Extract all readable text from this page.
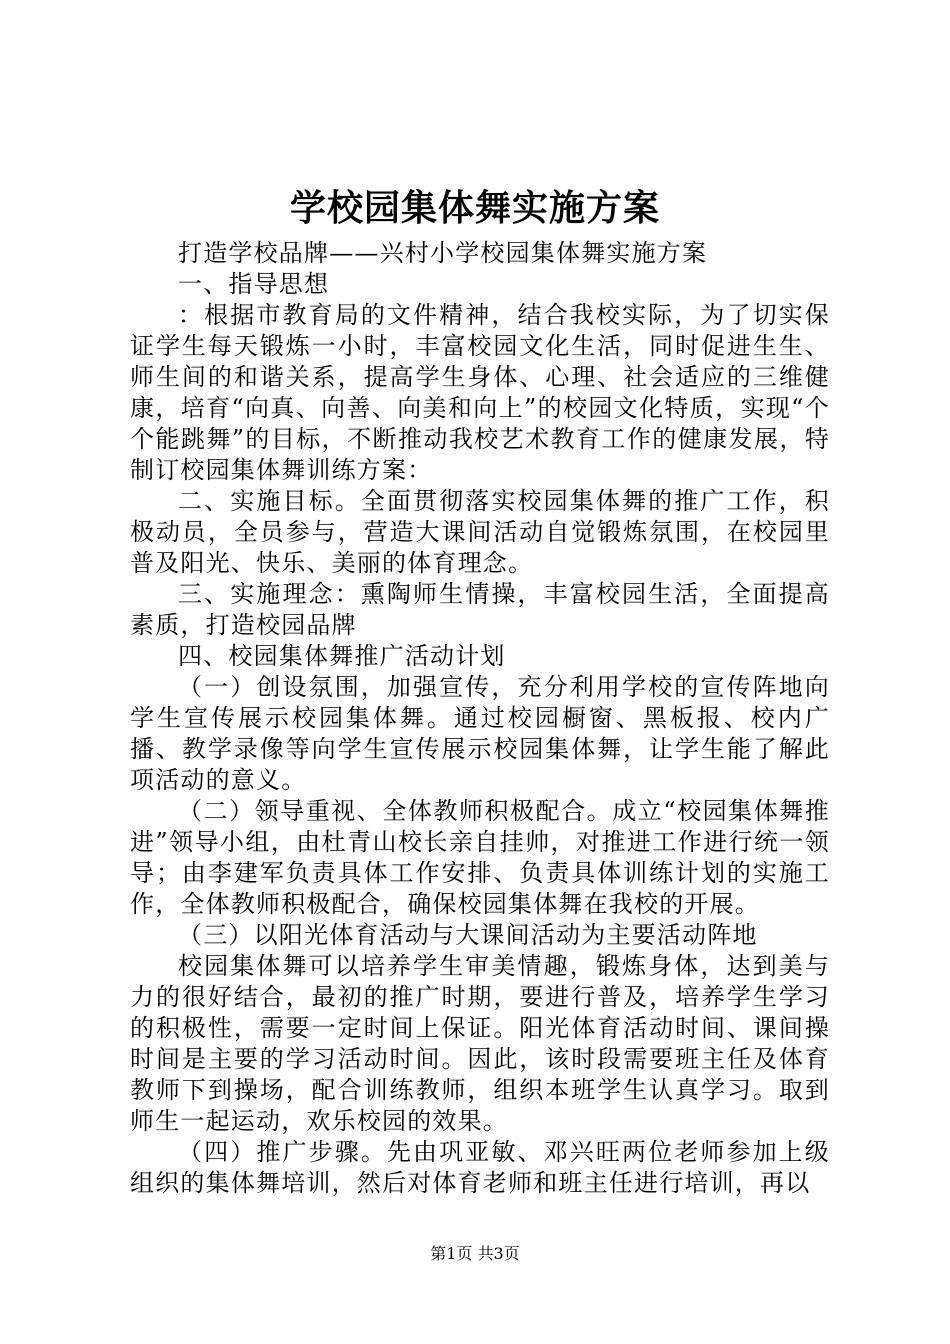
学校园集体舞实施方案

打造学校品牌——兴村小学校园集体舞实施方案

一、指导思想

：根据市教育局的文件精神，结合我校实际，为了切实保证学生每天锻炼一小时，丰富校园文化生活，同时促进生生、师生间的和谐关系，提高学生身体、心理、社会适应的三维健康，培育“向真、向善、向美和向上”的校园文化特质，实现“个个能跳舞”的目标，不断推动我校艺术教育工作的健康发展，特制订校园集体舞训练方案：

二、实施目标。全面贯彻落实校园集体舞的推广工作，积极动员，全员参与，营造大课间活动自觉锻炼氛围，在校园里普及阳光、快乐、美丽的体育理念。

三、实施理念：熏陶师生情操，丰富校园生活，全面提高素质，打造校园品牌

四、校园集体舞推广活动计划

（一）创设氛围，加强宣传，充分利用学校的宣传阵地向学生宣传展示校园集体舞。通过校园橱窗、黑板报、校内广播、教学录像等向学生宣传展示校园集体舞，让学生能了解此项活动的意义。

（二）领导重视、全体教师积极配合。成立“校园集体舞推进”领导小组，由杜青山校长亲自挂帅，对推进工作进行统一领导；由李建军负责具体工作安排、负责具体训练计划的实施工作，全体教师积极配合，确保校园集体舞在我校的开展。

（三）以阳光体育活动与大课间活动为主要活动阵地

校园集体舞可以培养学生审美情趣，锻炼身体，达到美与力的很好结合，最初的推广时期，要进行普及，培养学生学习的积极性，需要一定时间上保证。阳光体育活动时间、课间操时间是主要的学习活动时间。因此，该时段需要班主任及体育教师下到操场，配合训练教师，组织本班学生认真学习。取到师生一起运动，欢乐校园的效果。

（四）推广步骤。先由巩亚敏、邓兴旺两位老师参加上级组织的集体舞培训，然后对体育老师和班主任进行培训，再以

第1页 共3页
